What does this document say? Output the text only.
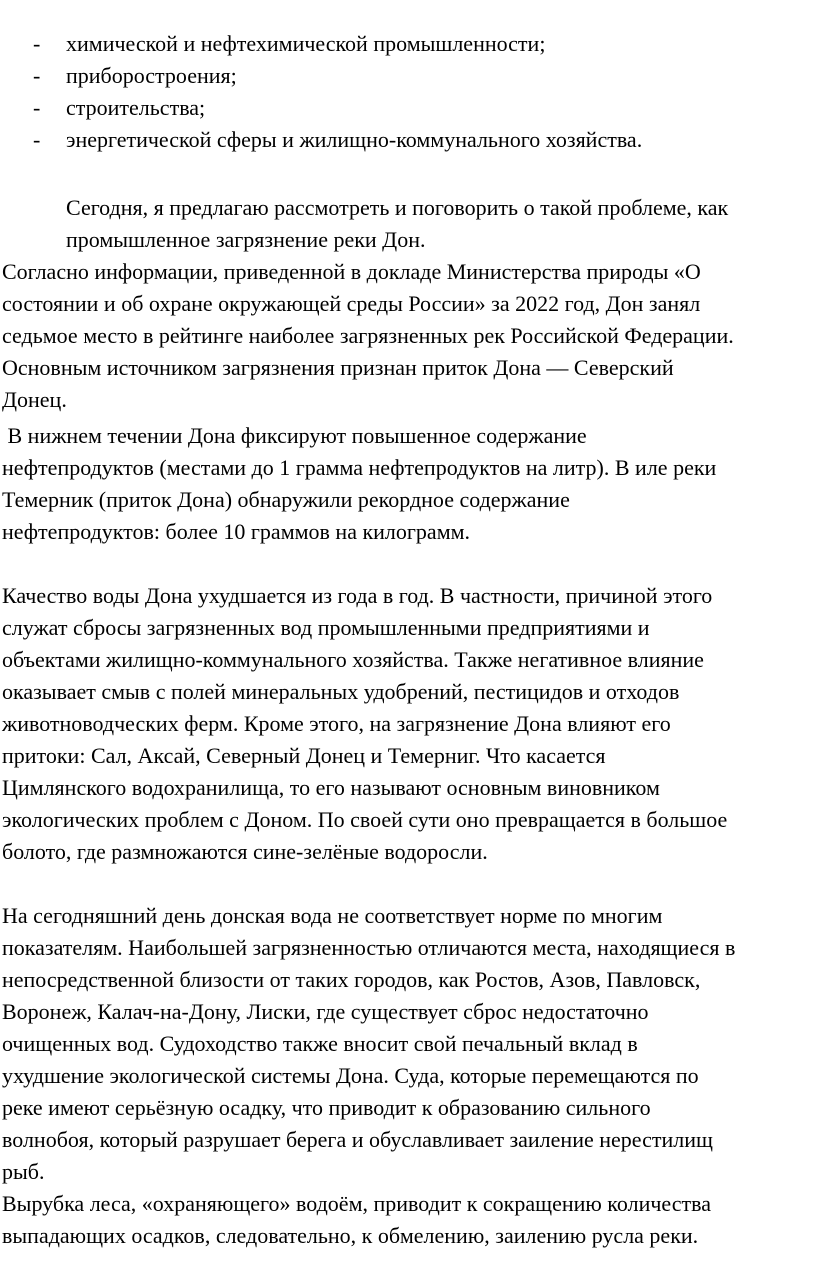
- химической и нефтехимической промышленности;
- приборостроения;
- строительства;
- энергетической сферы и жилищно-коммунального хозяйства.
Сегодня, я предлагаю рассмотреть и поговорить о такой проблеме, как
промышленное загрязнение реки Дон.
Согласно информации, приведенной в докладе Министерства природы «О
состоянии и об охране окружающей среды России» за 2022 год, Дон занял
седьмое место в рейтинге наиболее загрязненных рек Российской Федерации.
Основным источником загрязнения признан приток Дона — Северский
Донец.
В нижнем течении Дона фиксируют повышенное содержание
нефтепродуктов (местами до 1 грамма нефтепродуктов на литр). В иле реки
Темерник (приток Дона) обнаружили рекордное содержание
нефтепродуктов: более 10 граммов на килограмм.
Качество воды Дона ухудшается из года в год. В частности, причиной этого
служат сбросы загрязненных вод промышленными предприятиями и
объектами жилищно-коммунального хозяйства. Также негативное влияние
оказывает смыв с полей минеральных удобрений, пестицидов и отходов
животноводческих ферм. Кроме этого, на загрязнение Дона влияют его
притоки: Сал, Аксай, Северный Донец и Темерниг. Что касается
Цимлянского водохранилища, то его называют основным виновником
экологических проблем с Доном. По своей сути оно превращается в большое
болото, где размножаются сине-зелёные водоросли.
На сегодняшний день донская вода не соответствует норме по многим
показателям. Наибольшей загрязненностью отличаются места, находящиеся в
непосредственной близости от таких городов, как Ростов, Азов, Павловск,
Воронеж, Калач-на-Дону, Лиски, где существует сброс недостаточно
очищенных вод. Судоходство также вносит свой печальный вклад в
ухудшение экологической системы Дона. Суда, которые перемещаются по
реке имеют серьёзную осадку, что приводит к образованию сильного
волнобоя, который разрушает берега и обуславливает заиление нерестилищ
рыб.
Вырубка леса, «охраняющего» водоём, приводит к сокращению количества
выпадающих осадков, следовательно, к обмелению, заилению русла реки.
